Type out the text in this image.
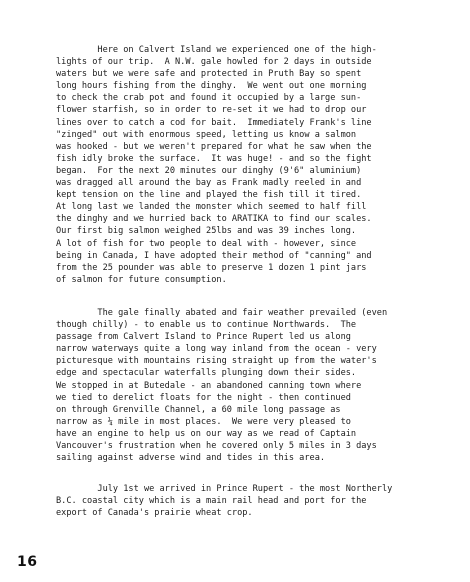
Here on Calvert Island we experienced one of the high-
lights of our trip.  A N.W. gale howled for 2 days in outside
waters but we were safe and protected in Pruth Bay so spent
long hours fishing from the dinghy.  We went out one morning
to check the crab pot and found it occupied by a large sun-
flower starfish, so in order to re-set it we had to drop our
lines over to catch a cod for bait.  Immediately Frank's line
"zinged" out with enormous speed, letting us know a salmon
was hooked - but we weren't prepared for what he saw when the
fish idly broke the surface.  It was huge! - and so the fight
began.  For the next 20 minutes our dinghy (9'6" aluminium)
was dragged all around the bay as Frank madly reeled in and
kept tension on the line and played the fish till it tired.
At long last we landed the monster which seemed to half fill
the dinghy and we hurried back to ARATIKA to find our scales.
Our first big salmon weighed 25lbs and was 39 inches long.
A lot of fish for two people to deal with - however, since
being in Canada, I have adopted their method of "canning" and
from the 25 pounder was able to preserve 1 dozen 1 pint jars
of salmon for future consumption.
The gale finally abated and fair weather prevailed (even
though chilly) - to enable us to continue Northwards.  The
passage from Calvert Island to Prince Rupert led us along
narrow waterways quite a long way inland from the ocean - very
picturesque with mountains rising straight up from the water's
edge and spectacular waterfalls plunging down their sides.
We stopped in at Butedale - an abandoned canning town where
we tied to derelict floats for the night - then continued
on through Grenville Channel, a 60 mile long passage as
narrow as ¼ mile in most places.  We were very pleased to
have an engine to help us on our way as we read of Captain
Vancouver's frustration when he covered only 5 miles in 3 days
sailing against adverse wind and tides in this area.
July 1st we arrived in Prince Rupert - the most Northerly
B.C. coastal city which is a main rail head and port for the
export of Canada's prairie wheat crop.
16
